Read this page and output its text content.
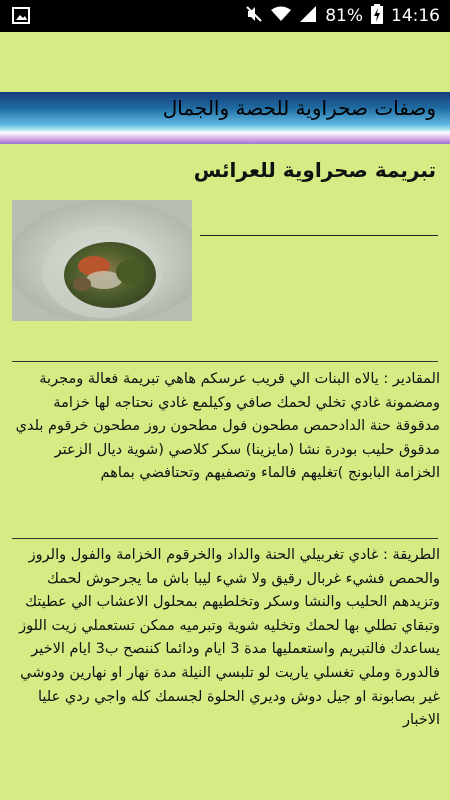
81% 14:16
وصفات صحراوية للحصة والجمال
تبريمة صحراوية للعرائس
المقادير : ياﻻه البنات الي قريب عرسكم هاهي تبريمة فعالة ومجربة ومضمونة غادي تخلي لحمك صافي وكيلمع غادي نحتاجه لها خزامة مدقوقة حنة الدادحمص مطحون فول مطحون روز مطحون خرقوم بلدي مدقوق حليب بودرة نشا (مايزينا) سكر كلاصي (شوية ديال الزعتر الخزامة البابونج )تغليهم فالماء وتصفيهم وتحتافضي بماهم
الطريقة : غادي تغربيلي الحنة والداد والخرقوم الخزامة والفول والروز والحمص فشيء غربال رقيق وﻻ شيء ليبا باش ما يجرحوش لحمك وتزيدهم الحليب والنشا وسكر وتخلطيهم بمحلول الاعشاب الي عطيتك وتبقاي تطلي بها لحمك وتخليه شوية وتبرميه ممكن تستعملي زيت اللوز يساعدك فالتبريم واستعمليها مدة 3 ايام ودائما كننصح ب3 ايام الاخير فالدورة وملي تغسلي ياريت لو تلبسي النيلة مدة نهار او نهارين ودوشي غير بصابونة او جيل دوش وديري الحلوة لجسمك كله واجي ردي عليا الاخبار
